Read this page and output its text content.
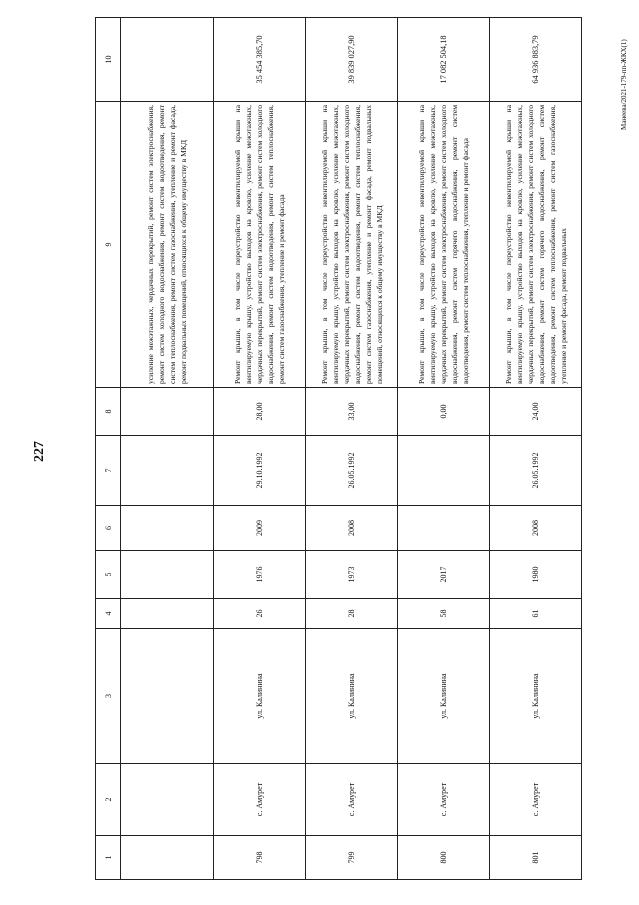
227
Манеева/2021-179-пп-ЖКХ(1)
1	2	3	4	5	6	7	8	9	10
								усиление межэтажных, чердачных перекрытий, ремонт систем электроснабжения, ремонт систем холодного водоснабжения, ремонт систем водоотведения, ремонт систем теплоснабжения, ремонт систем газоснабжения, утепление и ремонт фасада, ремонт подвальных помещений, относящихся к общему имуществу в МКД	
798	с. Амурет	ул. Калинина	26	1976	2009	29.10.1992	28,00	Ремонт крыши, в том числе переустройство невентилируемой крыши на вентилируемую крышу, устройство выходов на кровлю, усиление межэтажных, чердачных перекрытий, ремонт систем электроснабжения, ремонт систем холодного водоснабжения, ремонт систем водоотведения, ремонт систем теплоснабжения, ремонт систем газоснабжения, утепление и ремонт фасада	35 454 385,70
799	с. Амурет	ул. Калинина	28	1973	2008	26.05.1992	33,00	Ремонт крыши, в том числе переустройство невентилируемой крыши на вентилируемую крышу, устройство выходов на кровлю, усиление межэтажных, чердачных перекрытий, ремонт систем электроснабжения, ремонт систем холодного водоснабжения, ремонт систем водоотведения, ремонт систем теплоснабжения, ремонт систем газоснабжения, утепление и ремонт фасада, ремонт подвальных помещений, относящихся к общему имуществу в МКД	39 839 027,90
800	с. Амурет	ул. Калинина	58	2017			0,00	Ремонт крыши, в том числе переустройство невентилируемой крыши на вентилируемую крышу, устройство выходов на кровлю, усиление межэтажных, чердачных перекрытий, ремонт систем электроснабжения, ремонт систем холодного водоснабжения, ремонт систем горячего водоснабжения, ремонт систем водоотведения, ремонт систем теплоснабжения, утепление и ремонт фасада	17 082 504,18
801	с. Амурет	ул. Калинина	61	1980	2008	26.05.1992	24,00	Ремонт крыши, в том числе переустройство невентилируемой крыши на вентилируемую крышу, устройство выходов на кровлю, усиление межэтажных, чердачных перекрытий, ремонт систем электроснабжения, ремонт систем холодного водоснабжения, ремонт систем горячего водоснабжения, ремонт систем водоотведения, ремонт систем теплоснабжения, ремонт систем газоснабжения, утепление и ремонт фасада, ремонт подвальных	64 936 883,79
